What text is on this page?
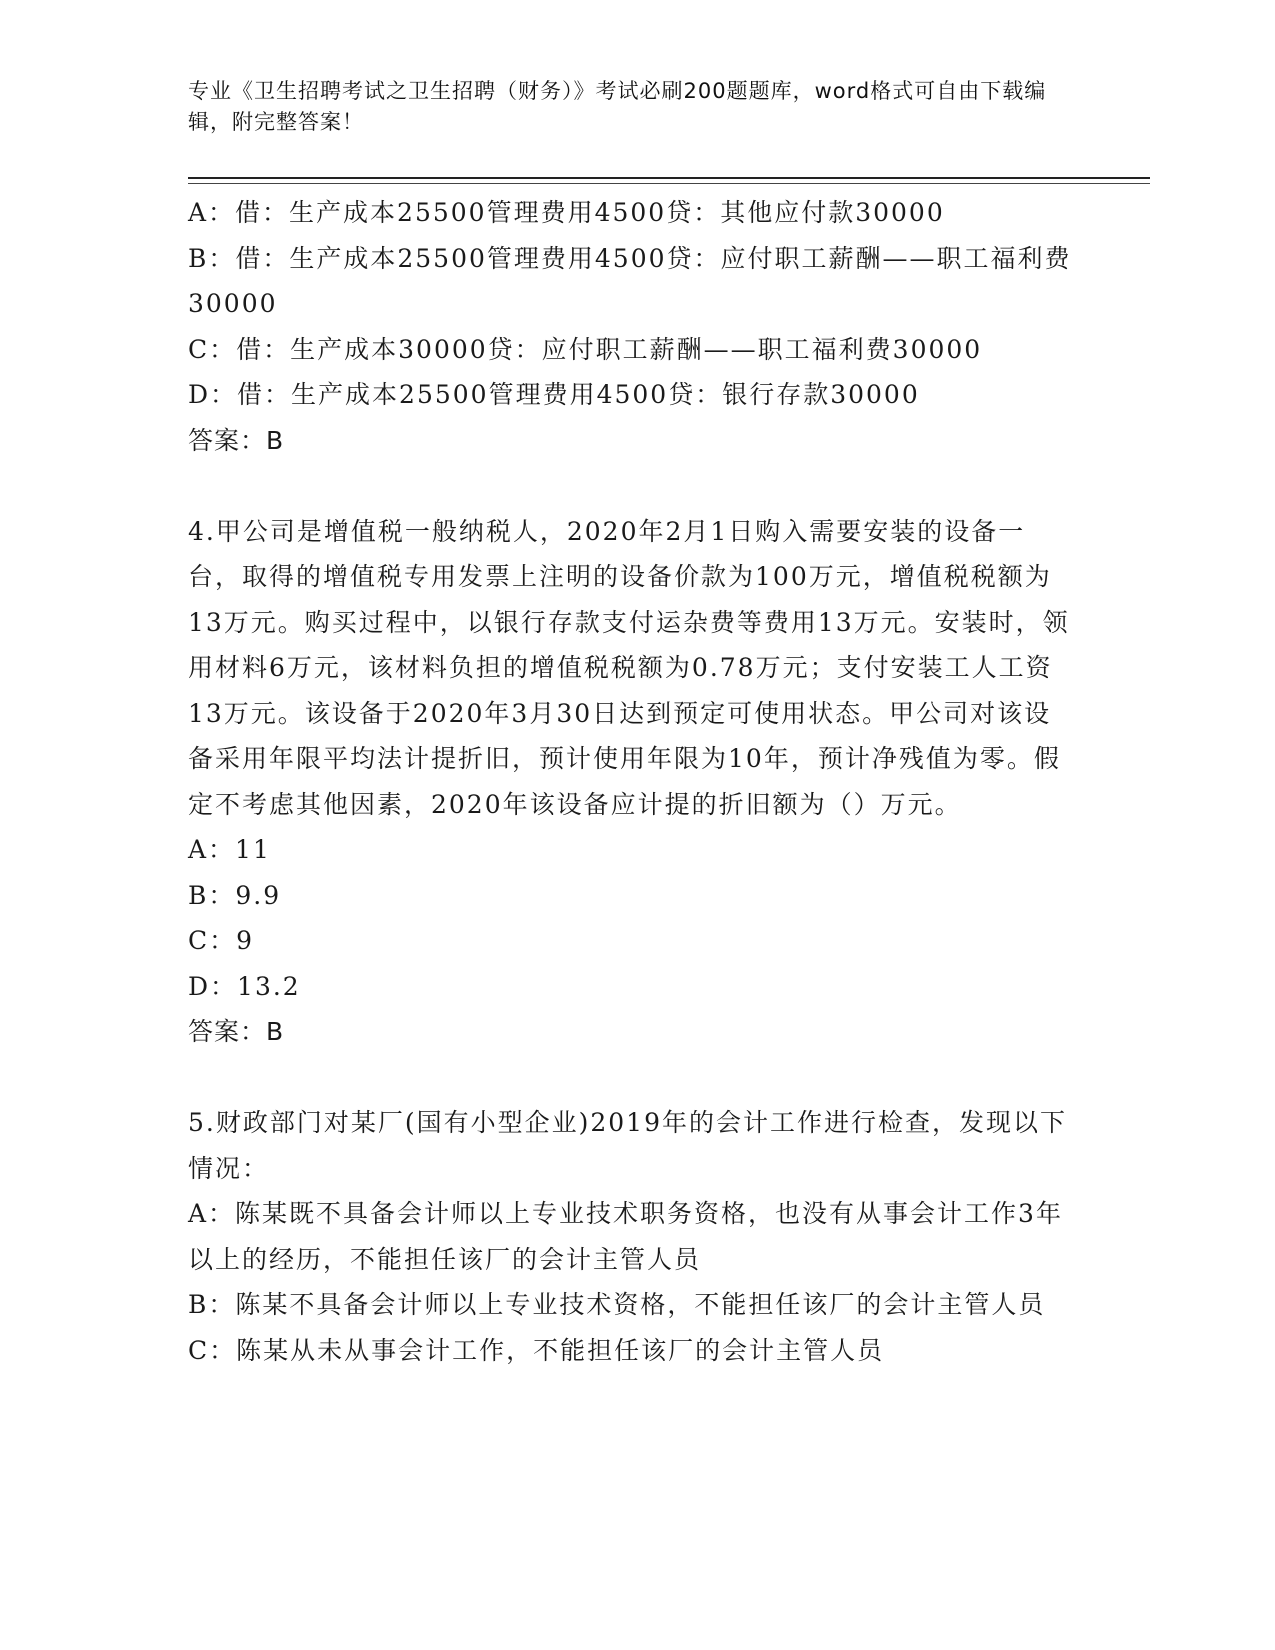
专业《卫生招聘考试之卫生招聘（财务）》考试必刷200题题库，word格式可自由下载编辑，附完整答案！

A：借：生产成本25500管理费用4500贷：其他应付款30000

B：借：生产成本25500管理费用4500贷：应付职工薪酬——职工福利费30000

C：借：生产成本30000贷：应付职工薪酬——职工福利费30000

D：借：生产成本25500管理费用4500贷：银行存款30000

答案：B

4.甲公司是增值税一般纳税人，2020年2月1日购入需要安装的设备一台，取得的增值税专用发票上注明的设备价款为100万元，增值税税额为13万元。购买过程中，以银行存款支付运杂费等费用13万元。安装时，领用材料6万元，该材料负担的增值税税额为0.78万元；支付安装工人工资13万元。该设备于2020年3月30日达到预定可使用状态。甲公司对该设备采用年限平均法计提折旧，预计使用年限为10年，预计净残值为零。假定不考虑其他因素，2020年该设备应计提的折旧额为（）万元。

A：11

B：9.9

C：9

D：13.2

答案：B

5.财政部门对某厂(国有小型企业)2019年的会计工作进行检查，发现以下情况：

A：陈某既不具备会计师以上专业技术职务资格，也没有从事会计工作3年以上的经历，不能担任该厂的会计主管人员

B：陈某不具备会计师以上专业技术资格，不能担任该厂的会计主管人员

C：陈某从未从事会计工作，不能担任该厂的会计主管人员
